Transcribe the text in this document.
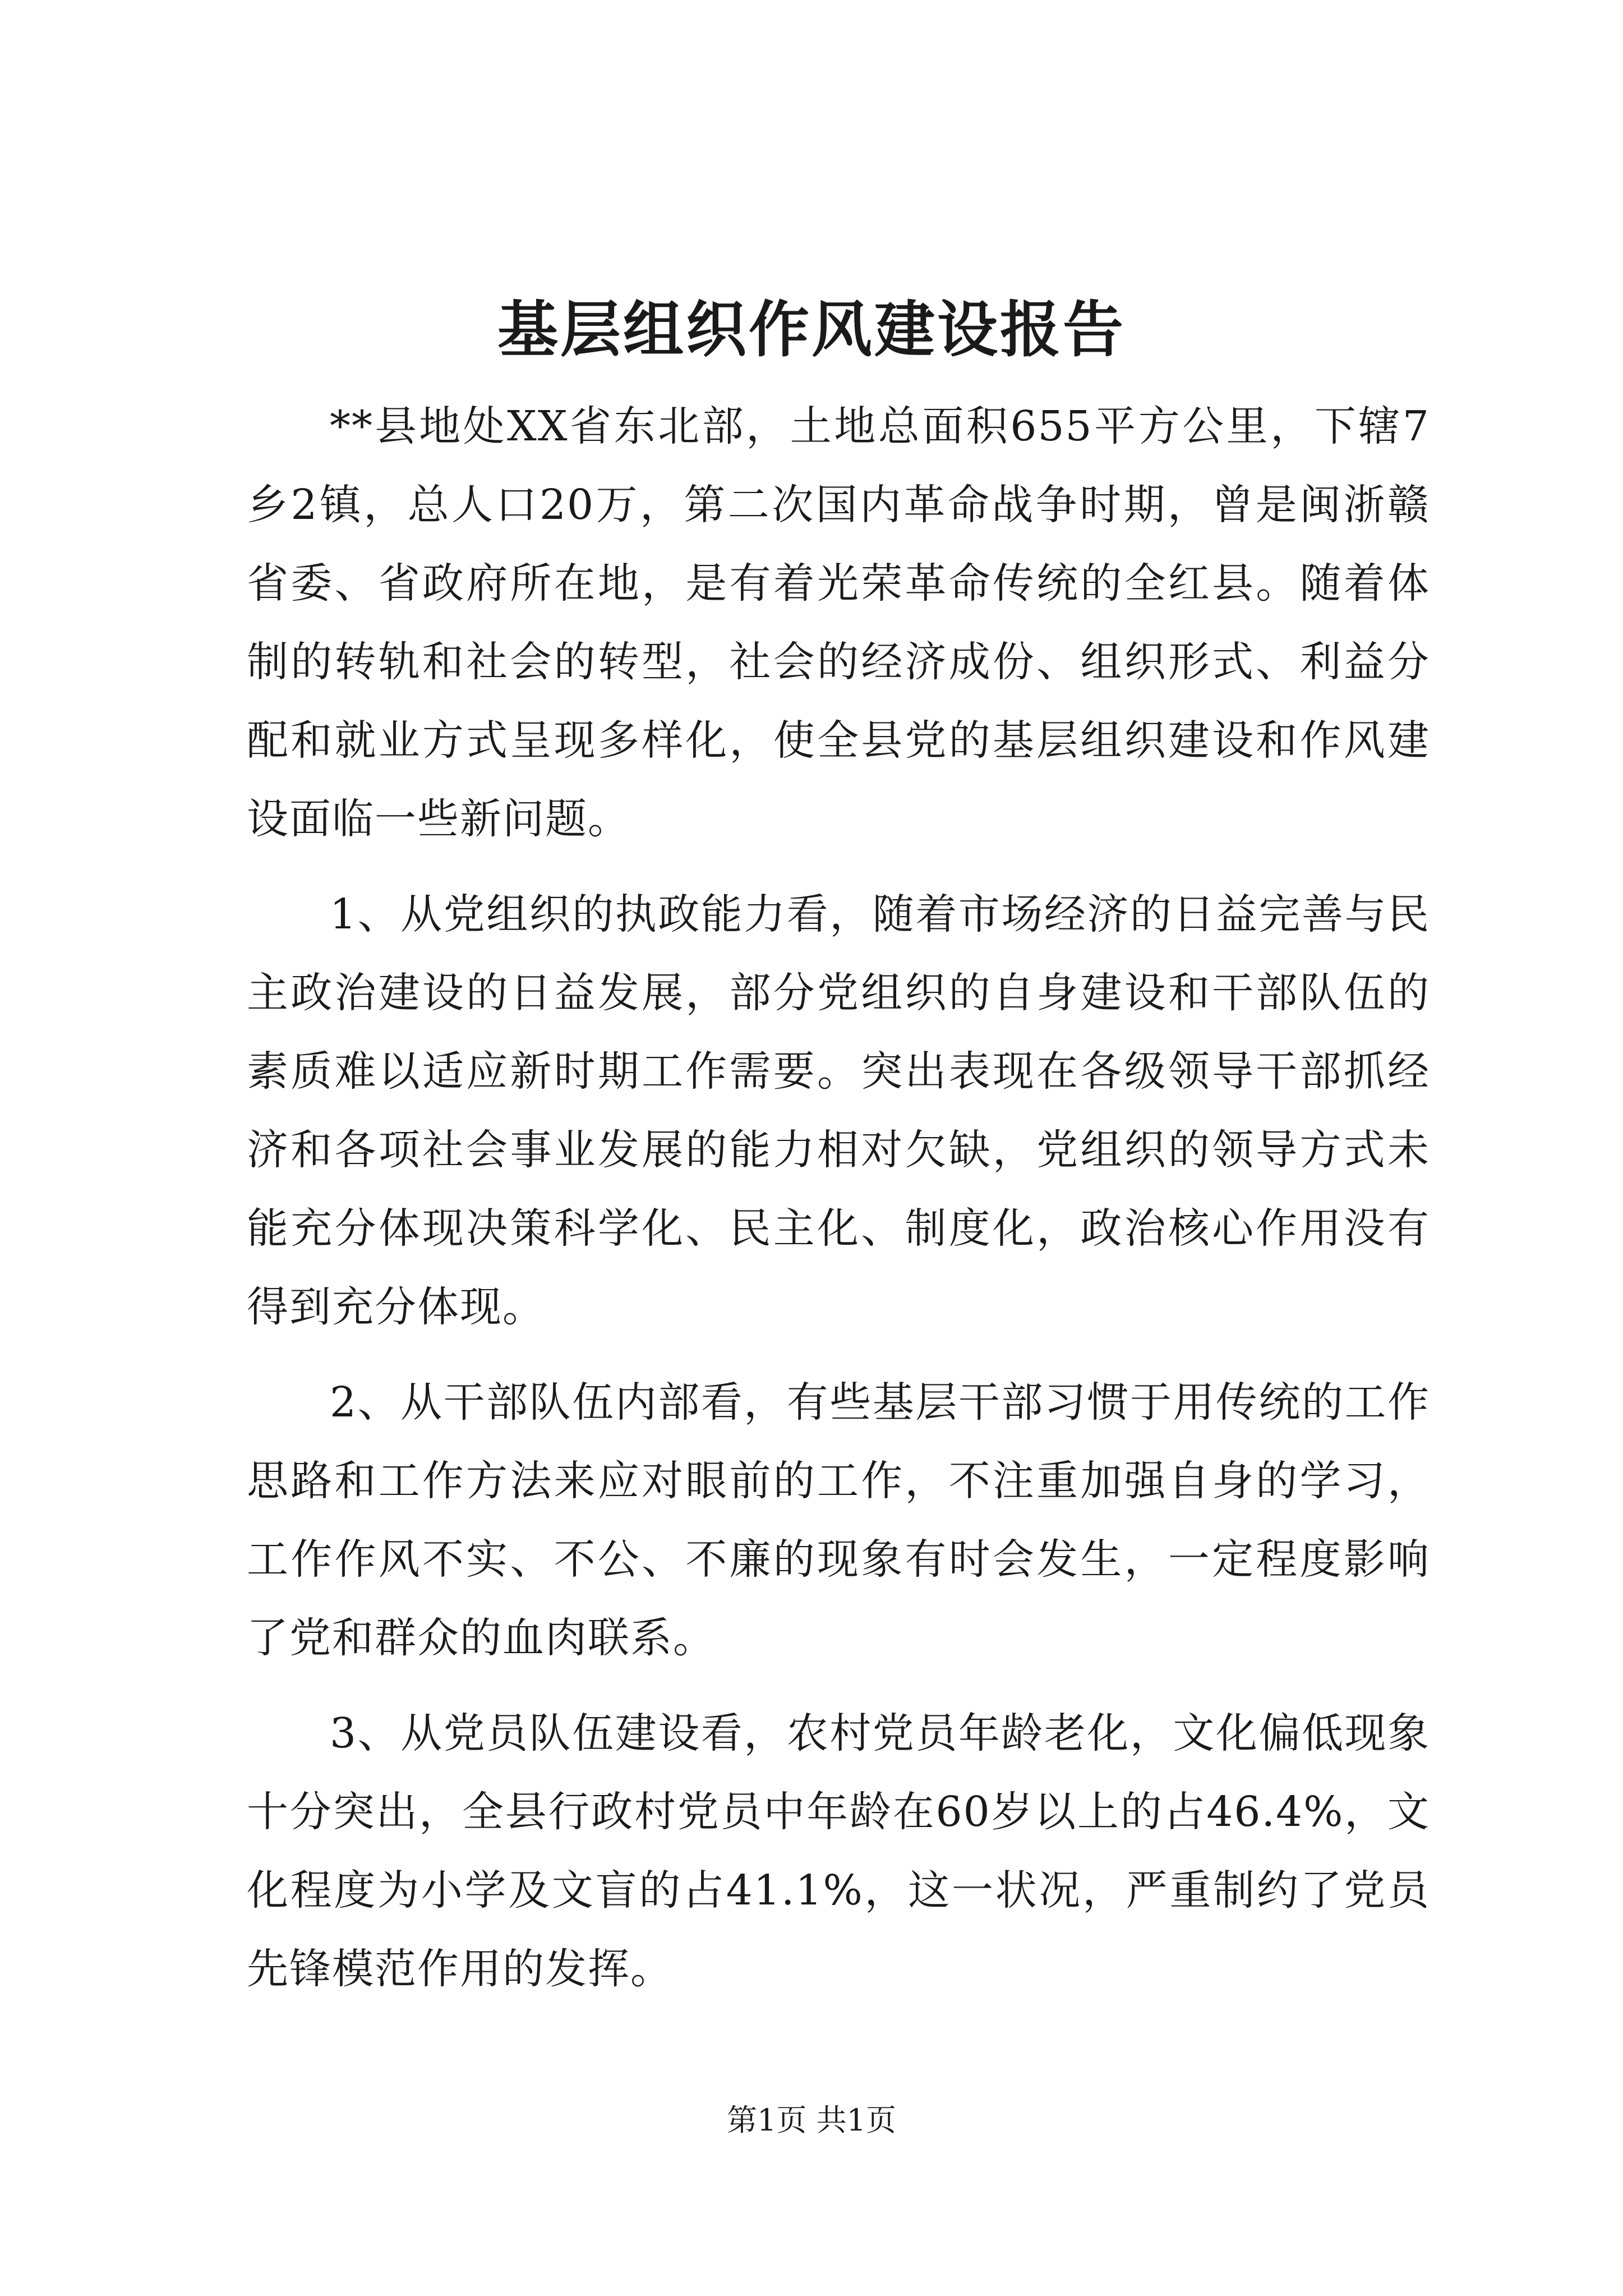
基层组织作风建设报告

**县地处XX省东北部，土地总面积655平方公里，下辖7乡2镇，总人口20万，第二次国内革命战争时期，曾是闽浙赣省委、省政府所在地，是有着光荣革命传统的全红县。随着体制的转轨和社会的转型，社会的经济成份、组织形式、利益分配和就业方式呈现多样化，使全县党的基层组织建设和作风建设面临一些新问题。

1、从党组织的执政能力看，随着市场经济的日益完善与民主政治建设的日益发展，部分党组织的自身建设和干部队伍的素质难以适应新时期工作需要。突出表现在各级领导干部抓经济和各项社会事业发展的能力相对欠缺，党组织的领导方式未能充分体现决策科学化、民主化、制度化，政治核心作用没有得到充分体现。

2、从干部队伍内部看，有些基层干部习惯于用传统的工作思路和工作方法来应对眼前的工作，不注重加强自身的学习，工作作风不实、不公、不廉的现象有时会发生，一定程度影响了党和群众的血肉联系。

3、从党员队伍建设看，农村党员年龄老化，文化偏低现象十分突出，全县行政村党员中年龄在60岁以上的占46.4%，文化程度为小学及文盲的占41.1%，这一状况，严重制约了党员先锋模范作用的发挥。

第1页 共1页
